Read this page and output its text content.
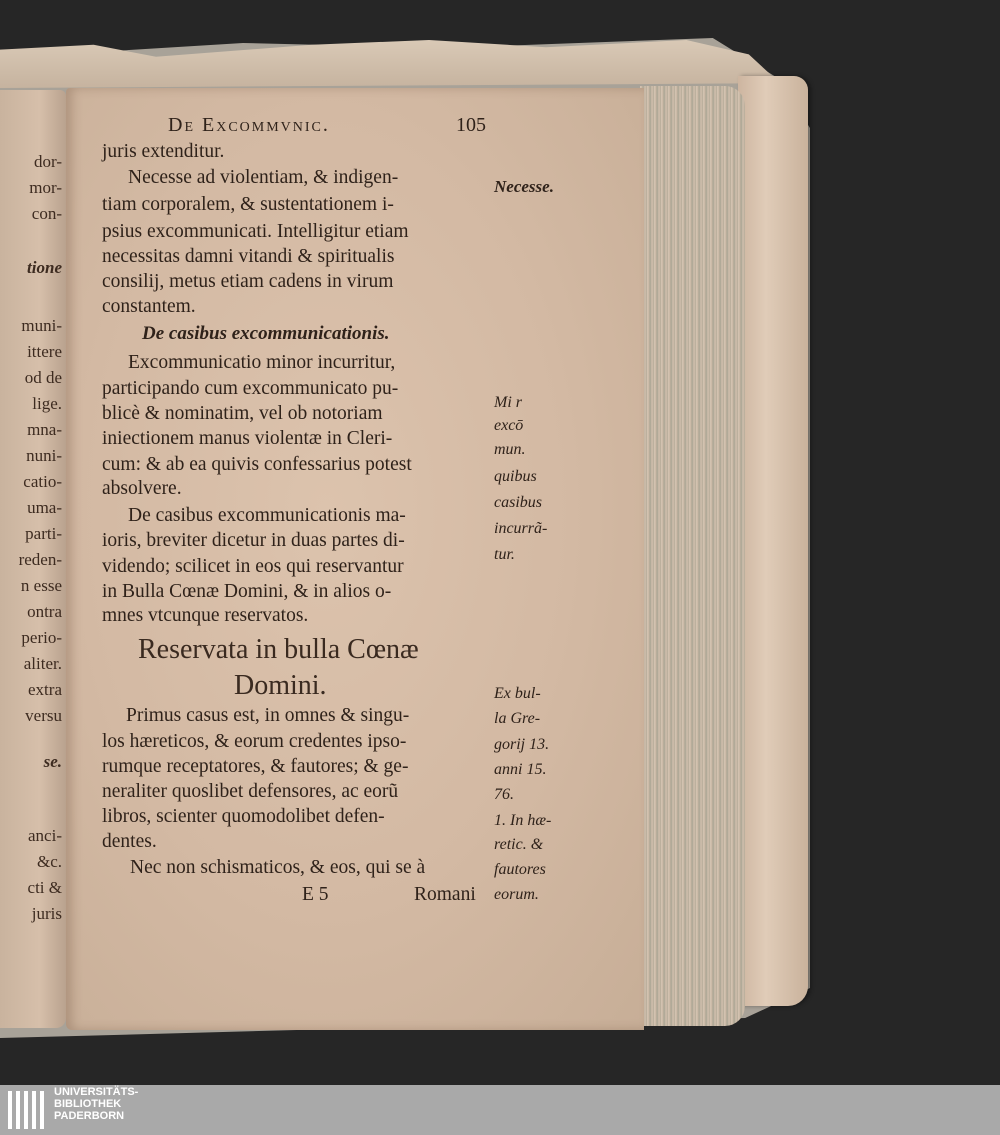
dor-
mor-
con-
tione
muni-
ittere
od de
lige.
mna-
nuni-
catio-
uma-
parti-
reden-
n esse
ontra
perio-
aliter.
extra
versu
se.
anci-
&c.
cti &
juris
De Excommvnic.	105
juris extenditur.
Necesse ad violentiam, & indigen-
tiam corporalem, & sustentationem i-
psius excommunicati. Intelligitur etiam
necessitas damni vitandi & spiritualis
consilij, metus etiam cadens in virum
constantem.
De casibus excommunicationis.
Excommunicatio minor incurritur,
participando cum excommunicato pu-
blicè & nominatim, vel ob notoriam
iniectionem manus violentæ in Cleri-
cum: & ab ea quivis confessarius potest
absolvere.
De casibus excommunicationis ma-
ioris, breviter dicetur in duas partes di-
videndo; scilicet in eos qui reservantur
in Bulla Cœnæ Domini, & in alios o-
mnes vtcunque reservatos.
Reservata in bulla Cœnæ
Domini.
Primus casus est, in omnes & singu-
los hæreticos, & eorum credentes ipso-
rumque receptatores, & fautores; & ge-
neraliter quoslibet defensores, ac eorũ
libros, scienter quomodolibet defen-
dentes.
Nec non schismaticos, & eos, qui se à
E 5	Romani
Necesse.
Mi r
excō
mun.
quibus
casibus
incurrã-
tur.
Ex bul-
la Gre-
gorij 13.
anni 15.
76.
1. In hæ-
retic. &
fautores
eorum.
UNIVERSITÄTS-
BIBLIOTHEK
PADERBORN
